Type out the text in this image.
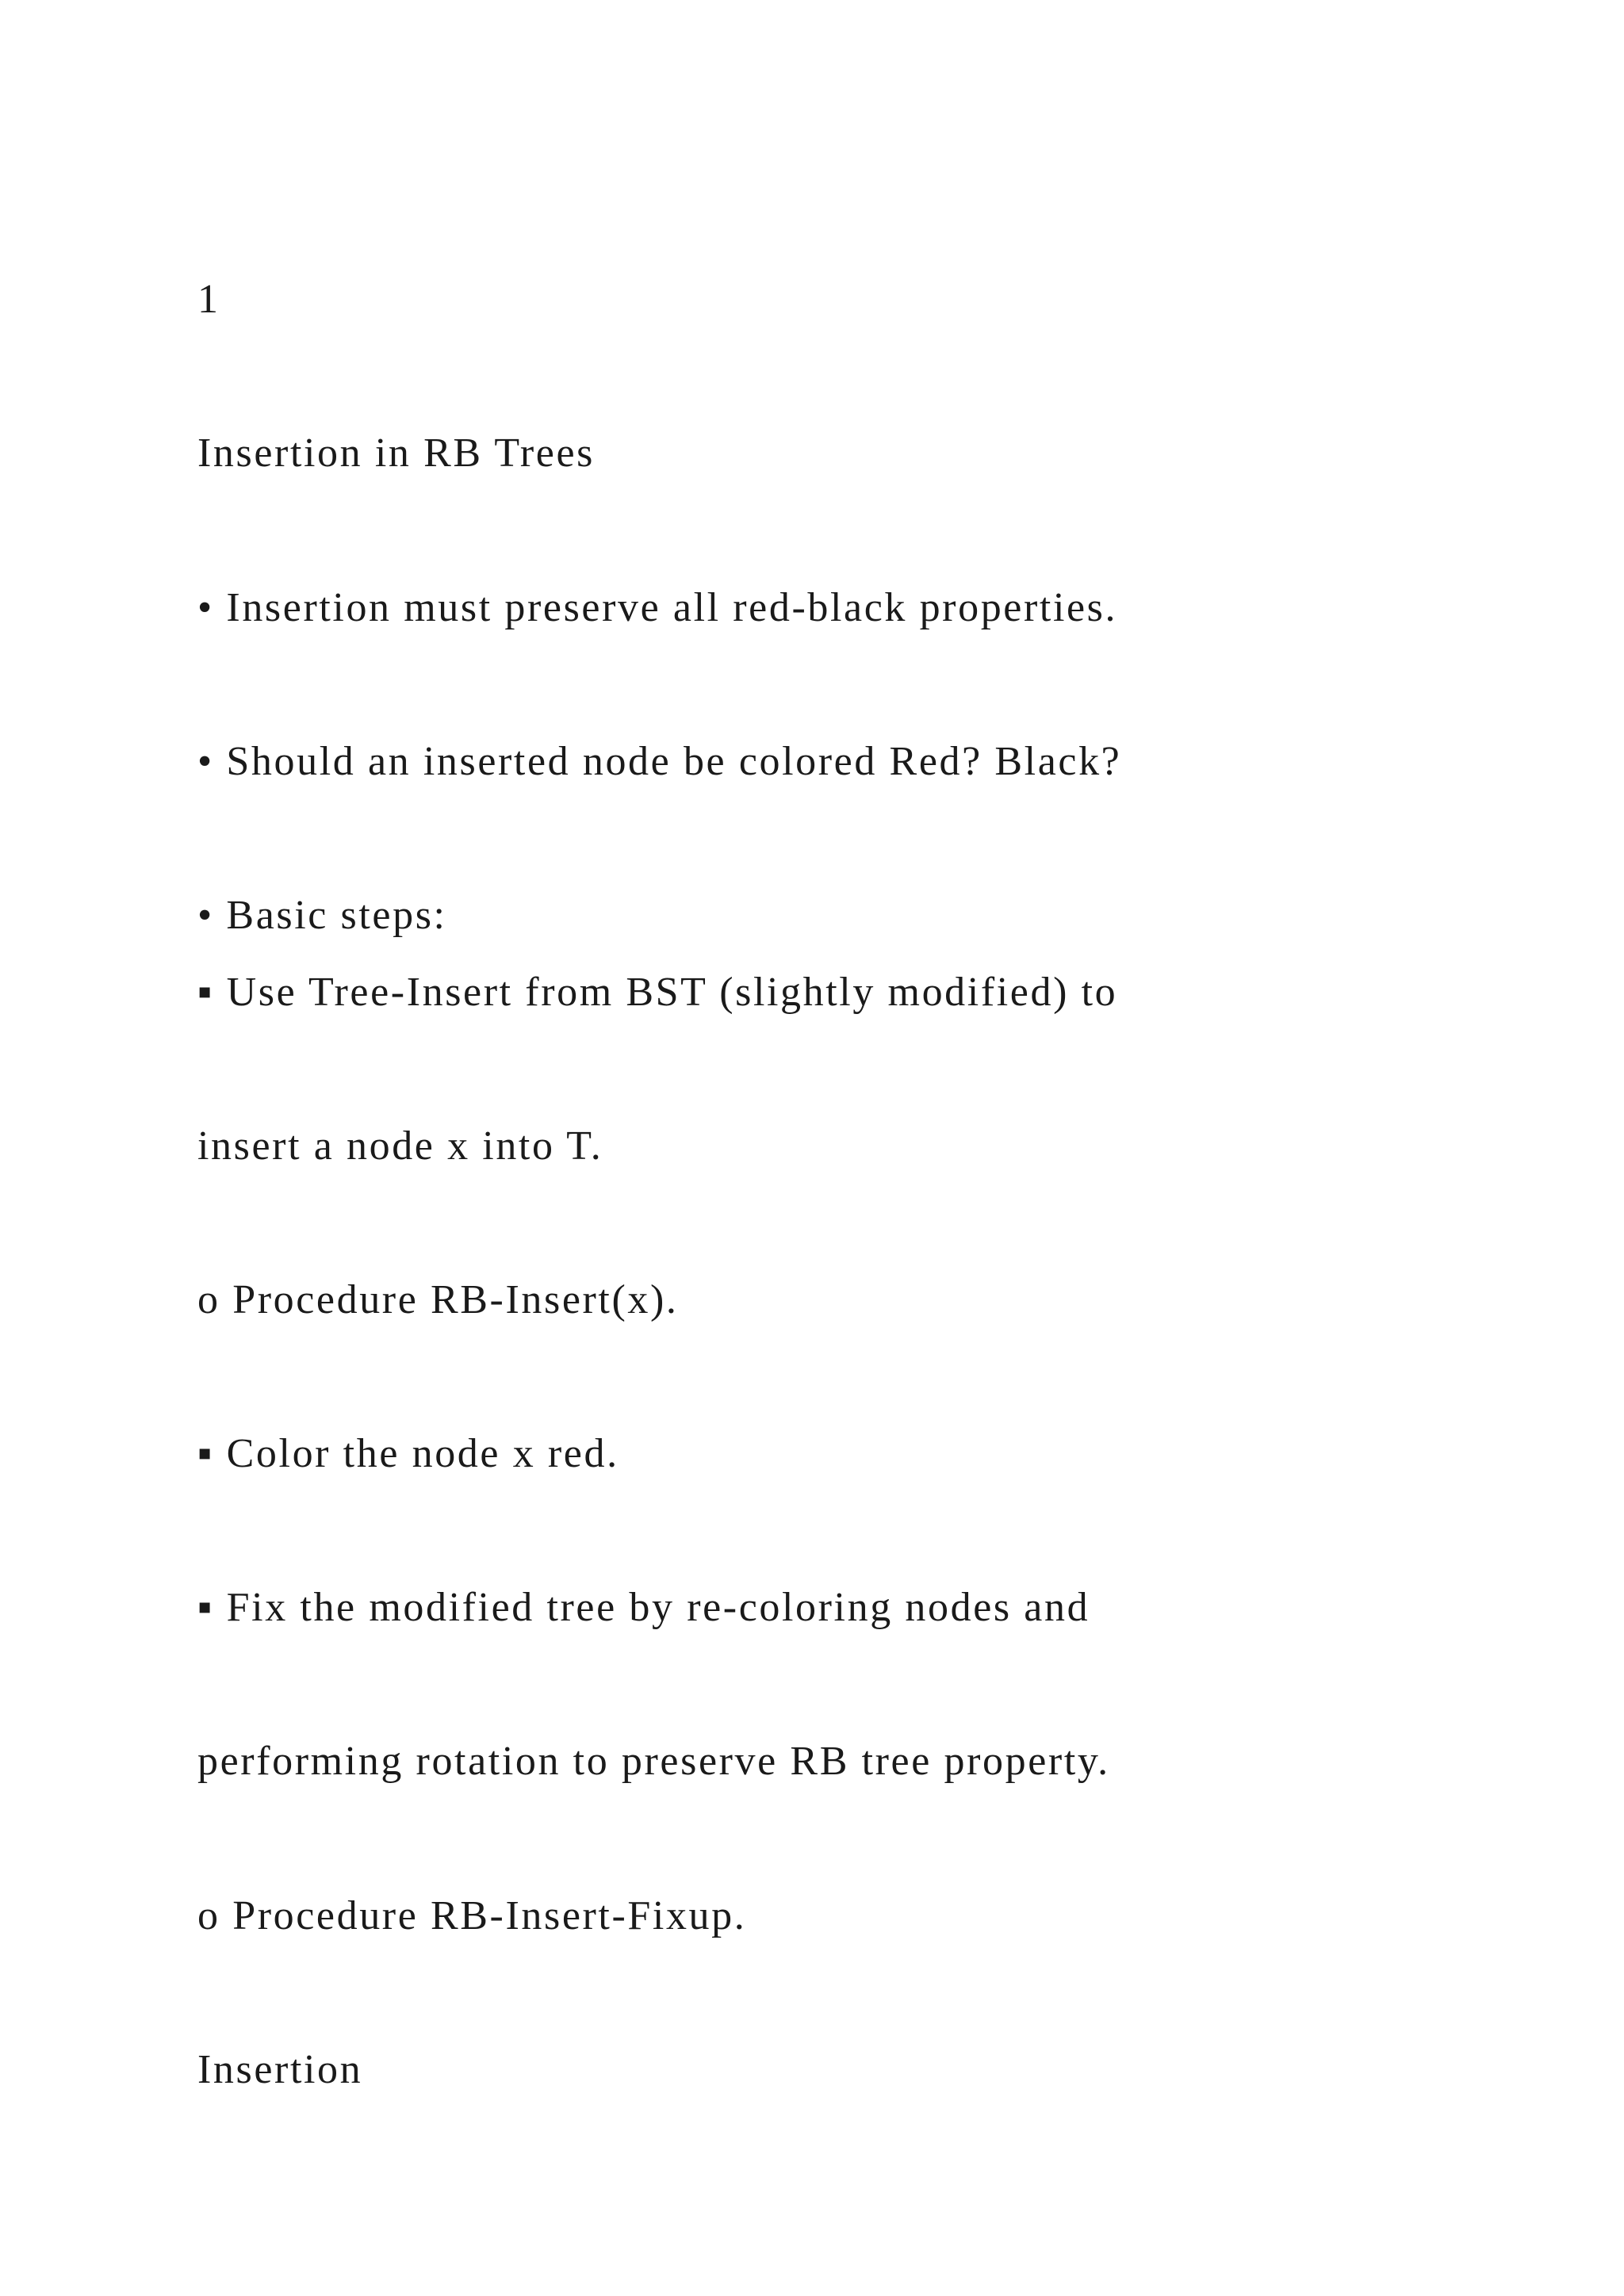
1

Insertion in RB Trees

• Insertion must preserve all red-black properties.

• Should an inserted node be colored Red? Black?

• Basic steps:

▪ Use Tree-Insert from BST (slightly modified) to

insert a node x into T.

o Procedure RB-Insert(x).

▪ Color the node x red.

▪ Fix the modified tree by re-coloring nodes and

performing rotation to preserve RB tree property.

o Procedure RB-Insert-Fixup.

Insertion
